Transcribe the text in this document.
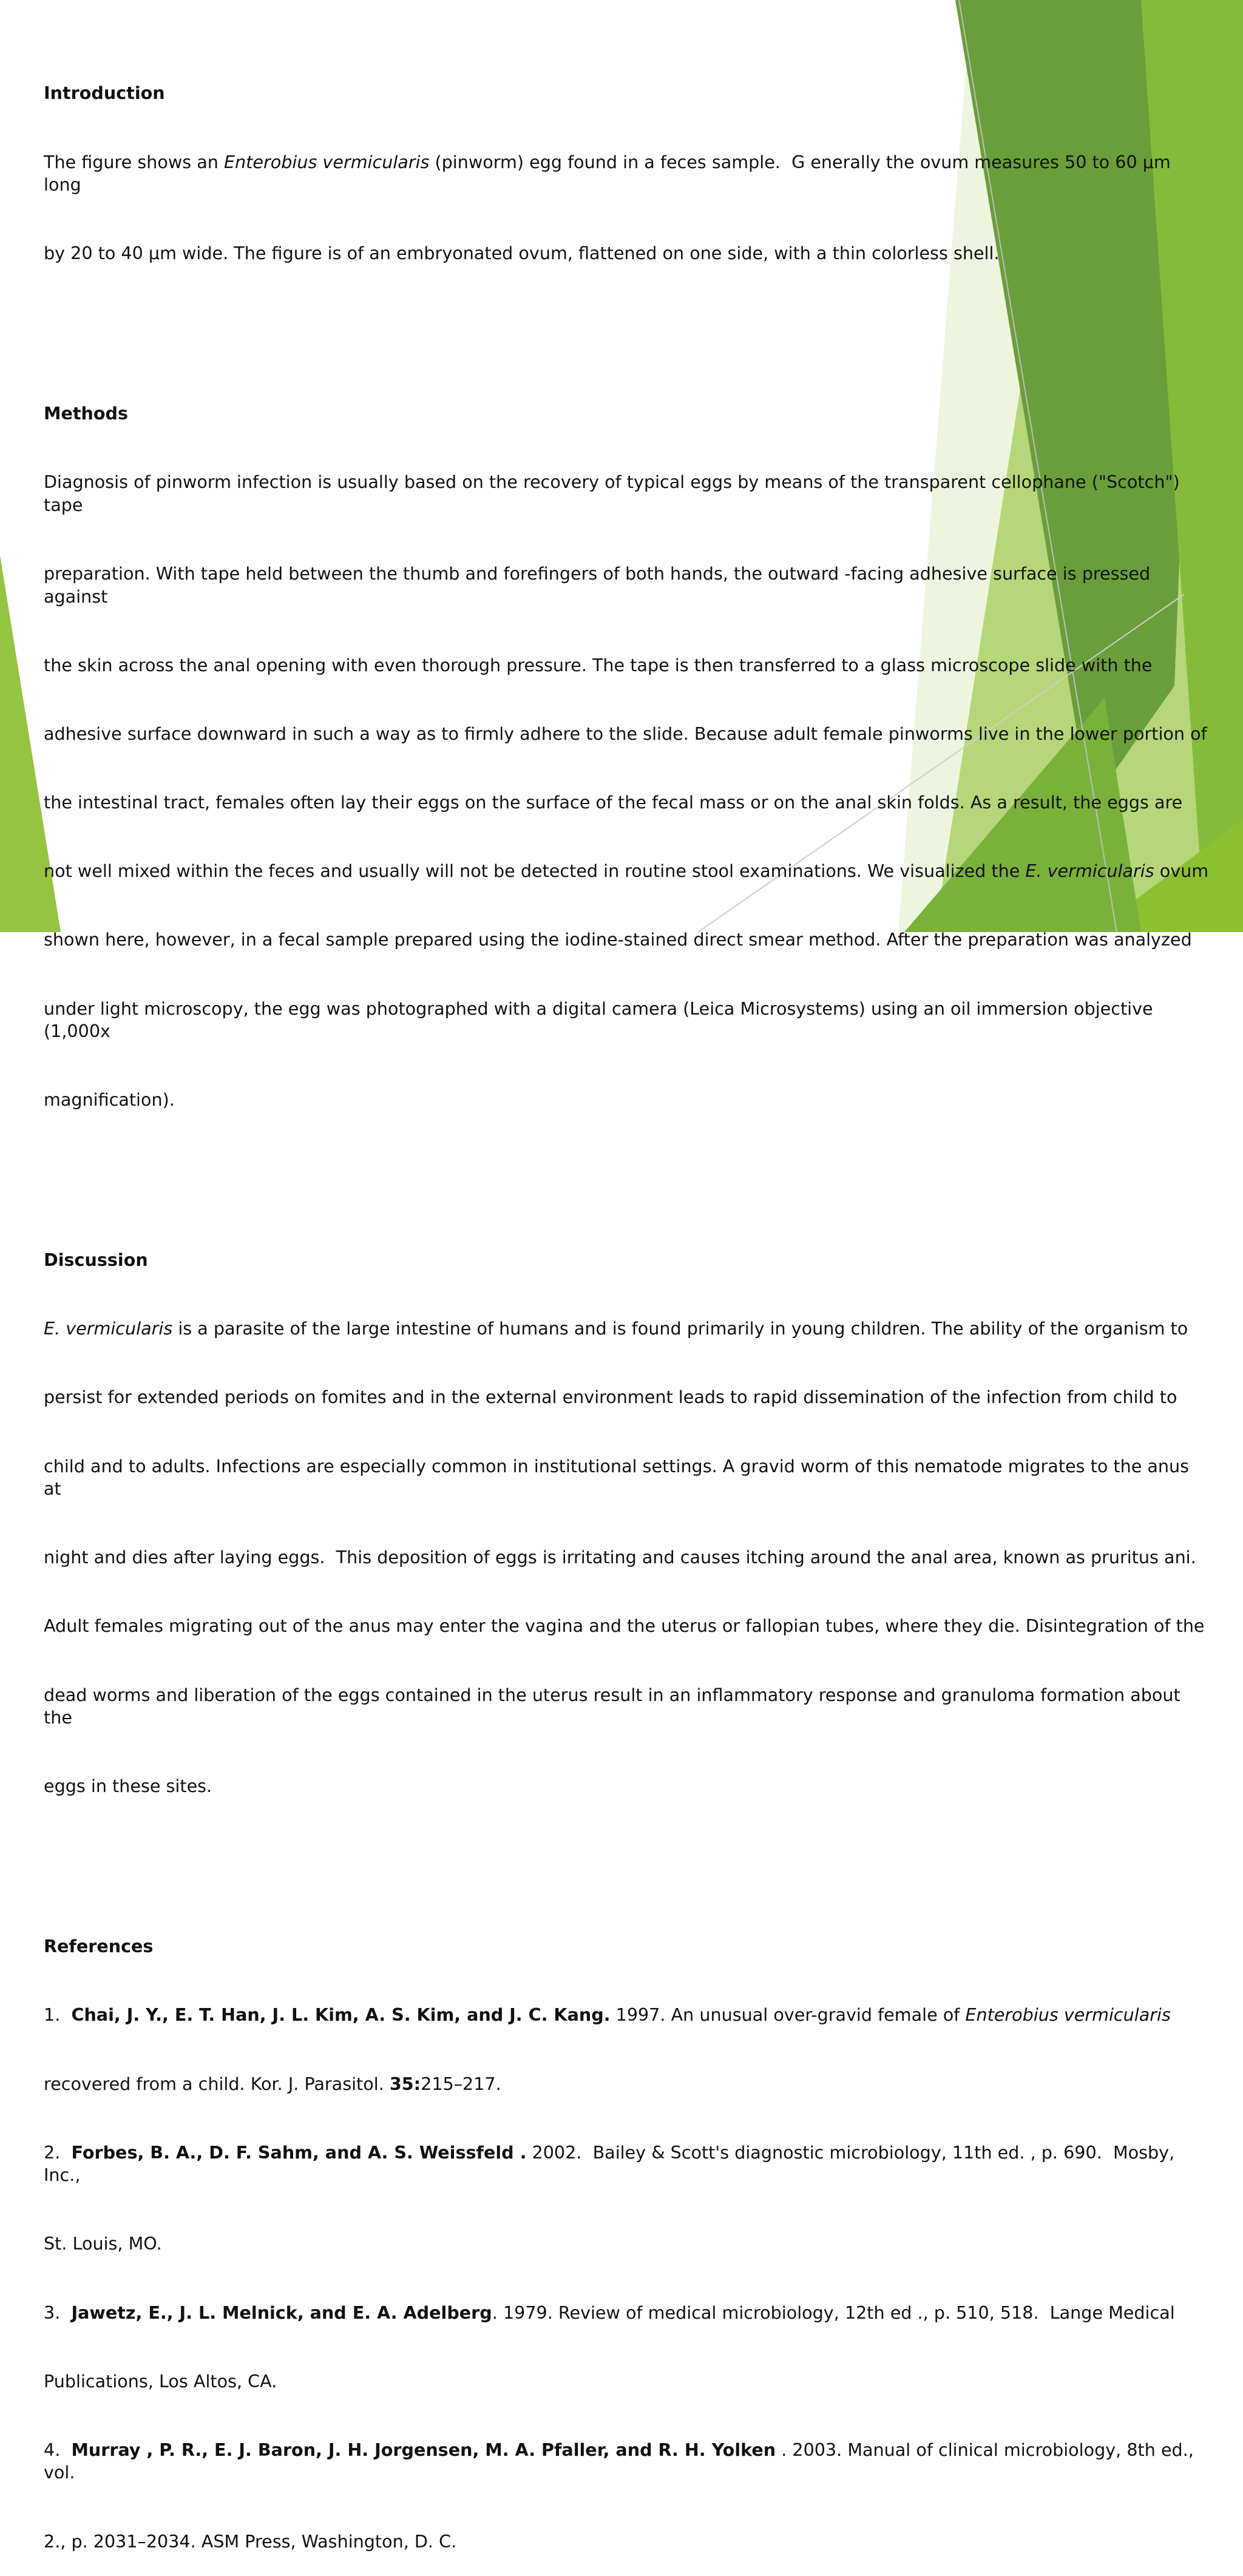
Introduction

The figure shows an Enterobius vermicularis (pinworm) egg found in a feces sample.  G enerally the ovum measures 50 to 60 µm long

by 20 to 40 µm wide. The figure is of an embryonated ovum, flattened on one side, with a thin colorless shell.

Methods

Diagnosis of pinworm infection is usually based on the recovery of typical eggs by means of the transparent cellophane ("Scotch") tape

preparation. With tape held between the thumb and forefingers of both hands, the outward -facing adhesive surface is pressed against

the skin across the anal opening with even thorough pressure. The tape is then transferred to a glass microscope slide with the

adhesive surface downward in such a way as to firmly adhere to the slide. Because adult female pinworms live in the lower portion of

the intestinal tract, females often lay their eggs on the surface of the fecal mass or on the anal skin folds. As a result, the eggs are

not well mixed within the feces and usually will not be detected in routine stool examinations. We visualized the E. vermicularis ovum

shown here, however, in a fecal sample prepared using the iodine-stained direct smear method. After the preparation was analyzed

under light microscopy, the egg was photographed with a digital camera (Leica Microsystems) using an oil immersion objective (1,000x

magnification).

Discussion

E. vermicularis is a parasite of the large intestine of humans and is found primarily in young children. The ability of the organism to

persist for extended periods on fomites and in the external environment leads to rapid dissemination of the infection from child to

child and to adults. Infections are especially common in institutional settings. A gravid worm of this nematode migrates to the anus at

night and dies after laying eggs.  This deposition of eggs is irritating and causes itching around the anal area, known as pruritus ani.

Adult females migrating out of the anus may enter the vagina and the uterus or fallopian tubes, where they die. Disintegration of the

dead worms and liberation of the eggs contained in the uterus result in an inflammatory response and granuloma formation about the

eggs in these sites.

References

1.  Chai, J. Y., E. T. Han, J. L. Kim, A. S. Kim, and J. C. Kang. 1997. An unusual over-gravid female of Enterobius vermicularis

recovered from a child. Kor. J. Parasitol. 35:215–217.

2.  Forbes, B. A., D. F. Sahm, and A. S. Weissfeld . 2002.  Bailey & Scott's diagnostic microbiology, 11th ed. , p. 690.  Mosby, Inc.,

St. Louis, MO.

3.  Jawetz, E., J. L. Melnick, and E. A. Adelberg. 1979. Review of medical microbiology, 12th ed ., p. 510, 518.  Lange Medical

Publications, Los Altos, CA.

4.  Murray , P. R., E. J. Baron, J. H. Jorgensen, M. A. Pfaller, and R. H. Yolken . 2003. Manual of clinical microbiology, 8th ed., vol.

2., p. 2031–2034. ASM Press, Washington, D. C.
